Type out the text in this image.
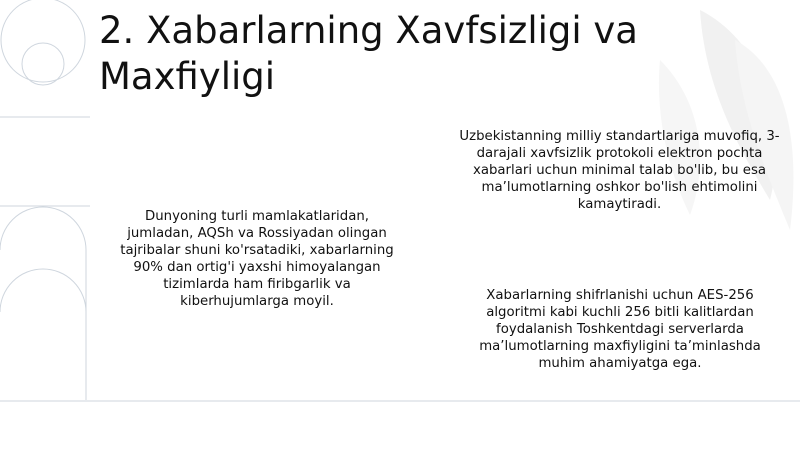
2. Xabarlarning Xavfsizligi va Maxfiyligi
Dunyoning turli mamlakatlaridan, jumladan, AQSh va Rossiyadan olingan tajribalar shuni ko'rsatadiki, xabarlarning 90% dan ortig'i yaxshi himoyalangan tizimlarda ham firibgarlik va kiberhujumlarga moyil.
Uzbekistanning milliy standartlariga muvofiq, 3-darajali xavfsizlik protokoli elektron pochta xabarlari uchun minimal talab bo'lib, bu esa ma’lumotlarning oshkor bo'lish ehtimolini kamaytiradi.
Xabarlarning shifrlanishi uchun AES-256 algoritmi kabi kuchli 256 bitli kalitlardan foydalanish Toshkentdagi serverlarda ma’lumotlarning maxfiyligini ta’minlashda muhim ahamiyatga ega.
